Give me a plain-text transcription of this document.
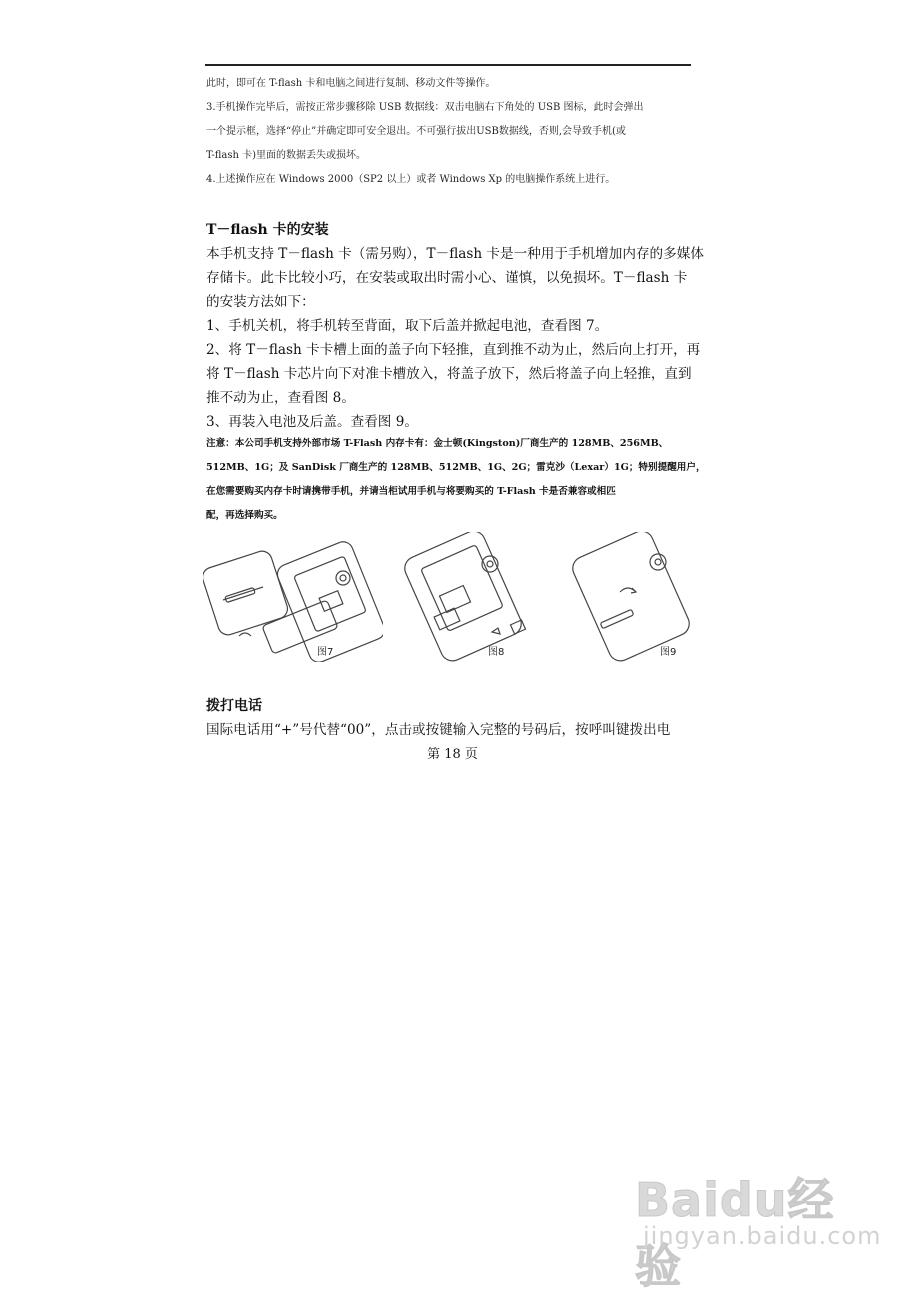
此时，即可在 T-flash 卡和电脑之间进行复制、移动文件等操作。
3.手机操作完毕后，需按正常步骤移除 USB 数据线：双击电脑右下角处的 USB 图标，此时会弹出
一个提示框，选择“停止”并确定即可安全退出。不可强行拔出USB数据线，否则,会导致手机(或
T-flash 卡)里面的数据丢失或损坏。
4.上述操作应在 Windows 2000（SP2 以上）或者 Windows Xp 的电脑操作系统上进行。
T－flash 卡的安装
本手机支持 T－flash 卡（需另购），T－flash 卡是一种用于手机增加内存的多媒体
存储卡。此卡比较小巧，在安装或取出时需小心、谨慎，以免损坏。T－flash 卡
的安装方法如下：
1、手机关机，将手机转至背面，取下后盖并掀起电池，查看图 7。
2、将 T－flash 卡卡槽上面的盖子向下轻推，直到推不动为止，然后向上打开，再
将 T－flash 卡芯片向下对准卡槽放入，将盖子放下，然后将盖子向上轻推，直到
推不动为止，查看图 8。
3、再装入电池及后盖。查看图 9。
注意：本公司手机支持外部市场 T-Flash 内存卡有：金士顿(Kingston)厂商生产的 128MB、256MB、
512MB、1G；及 SanDisk 厂商生产的 128MB、512MB、1G、2G；雷克沙（Lexar）1G；特别提醒用户，
在您需要购买内存卡时请携带手机，并请当柜试用手机与将要购买的 T-Flash 卡是否兼容或相匹
配，再选择购买。
图7	图8	图9
拨打电话
国际电话用“+”号代替“00”，点击或按键输入完整的号码后，按呼叫键拨出电
第 18 页
Baidu经验
jingyan.baidu.com
